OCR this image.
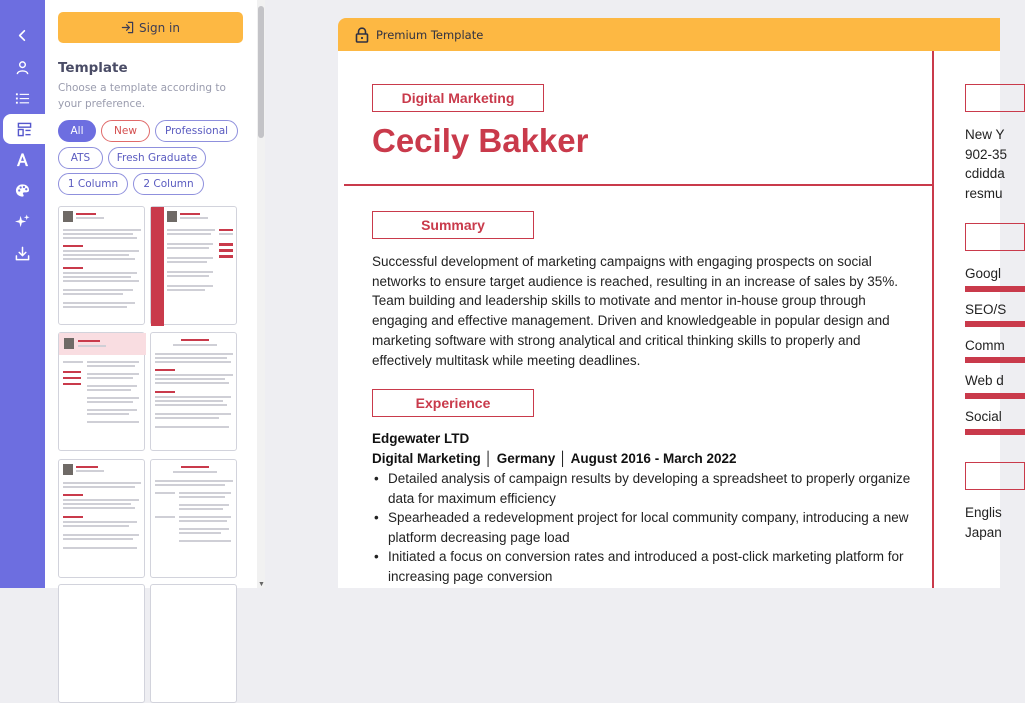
Sign in
Template
Choose a template according to your preference.
All	New	Professional
ATS	Fresh Graduate
1 Column	2 Column
▼
Premium Template
Digital Marketing
Cecily Bakker
Summary
Successful development of marketing campaigns with engaging prospects on social networks to ensure target audience is reached, resulting in an increase of sales by 35%. Team building and leadership skills to motivate and mentor in-house group through engaging and effective management. Driven and knowledgeable in popular design and marketing software with strong analytical and critical thinking skills to properly and effectively multitask while meeting deadlines.
Experience
Edgewater LTD
Digital Marketing │ Germany │ August 2016 - March 2022
• Detailed analysis of campaign results by developing a spreadsheet to properly organize data for maximum efficiency
• Spearheaded a redevelopment project for local community company, introducing a new platform decreasing page load
• Initiated a focus on conversion rates and introduced a post-click marketing platform for increasing page conversion
New Y
902-35
cdidda
resmu
Googl
SEO/S
Comm
Web d
Social
Englis
Japan
